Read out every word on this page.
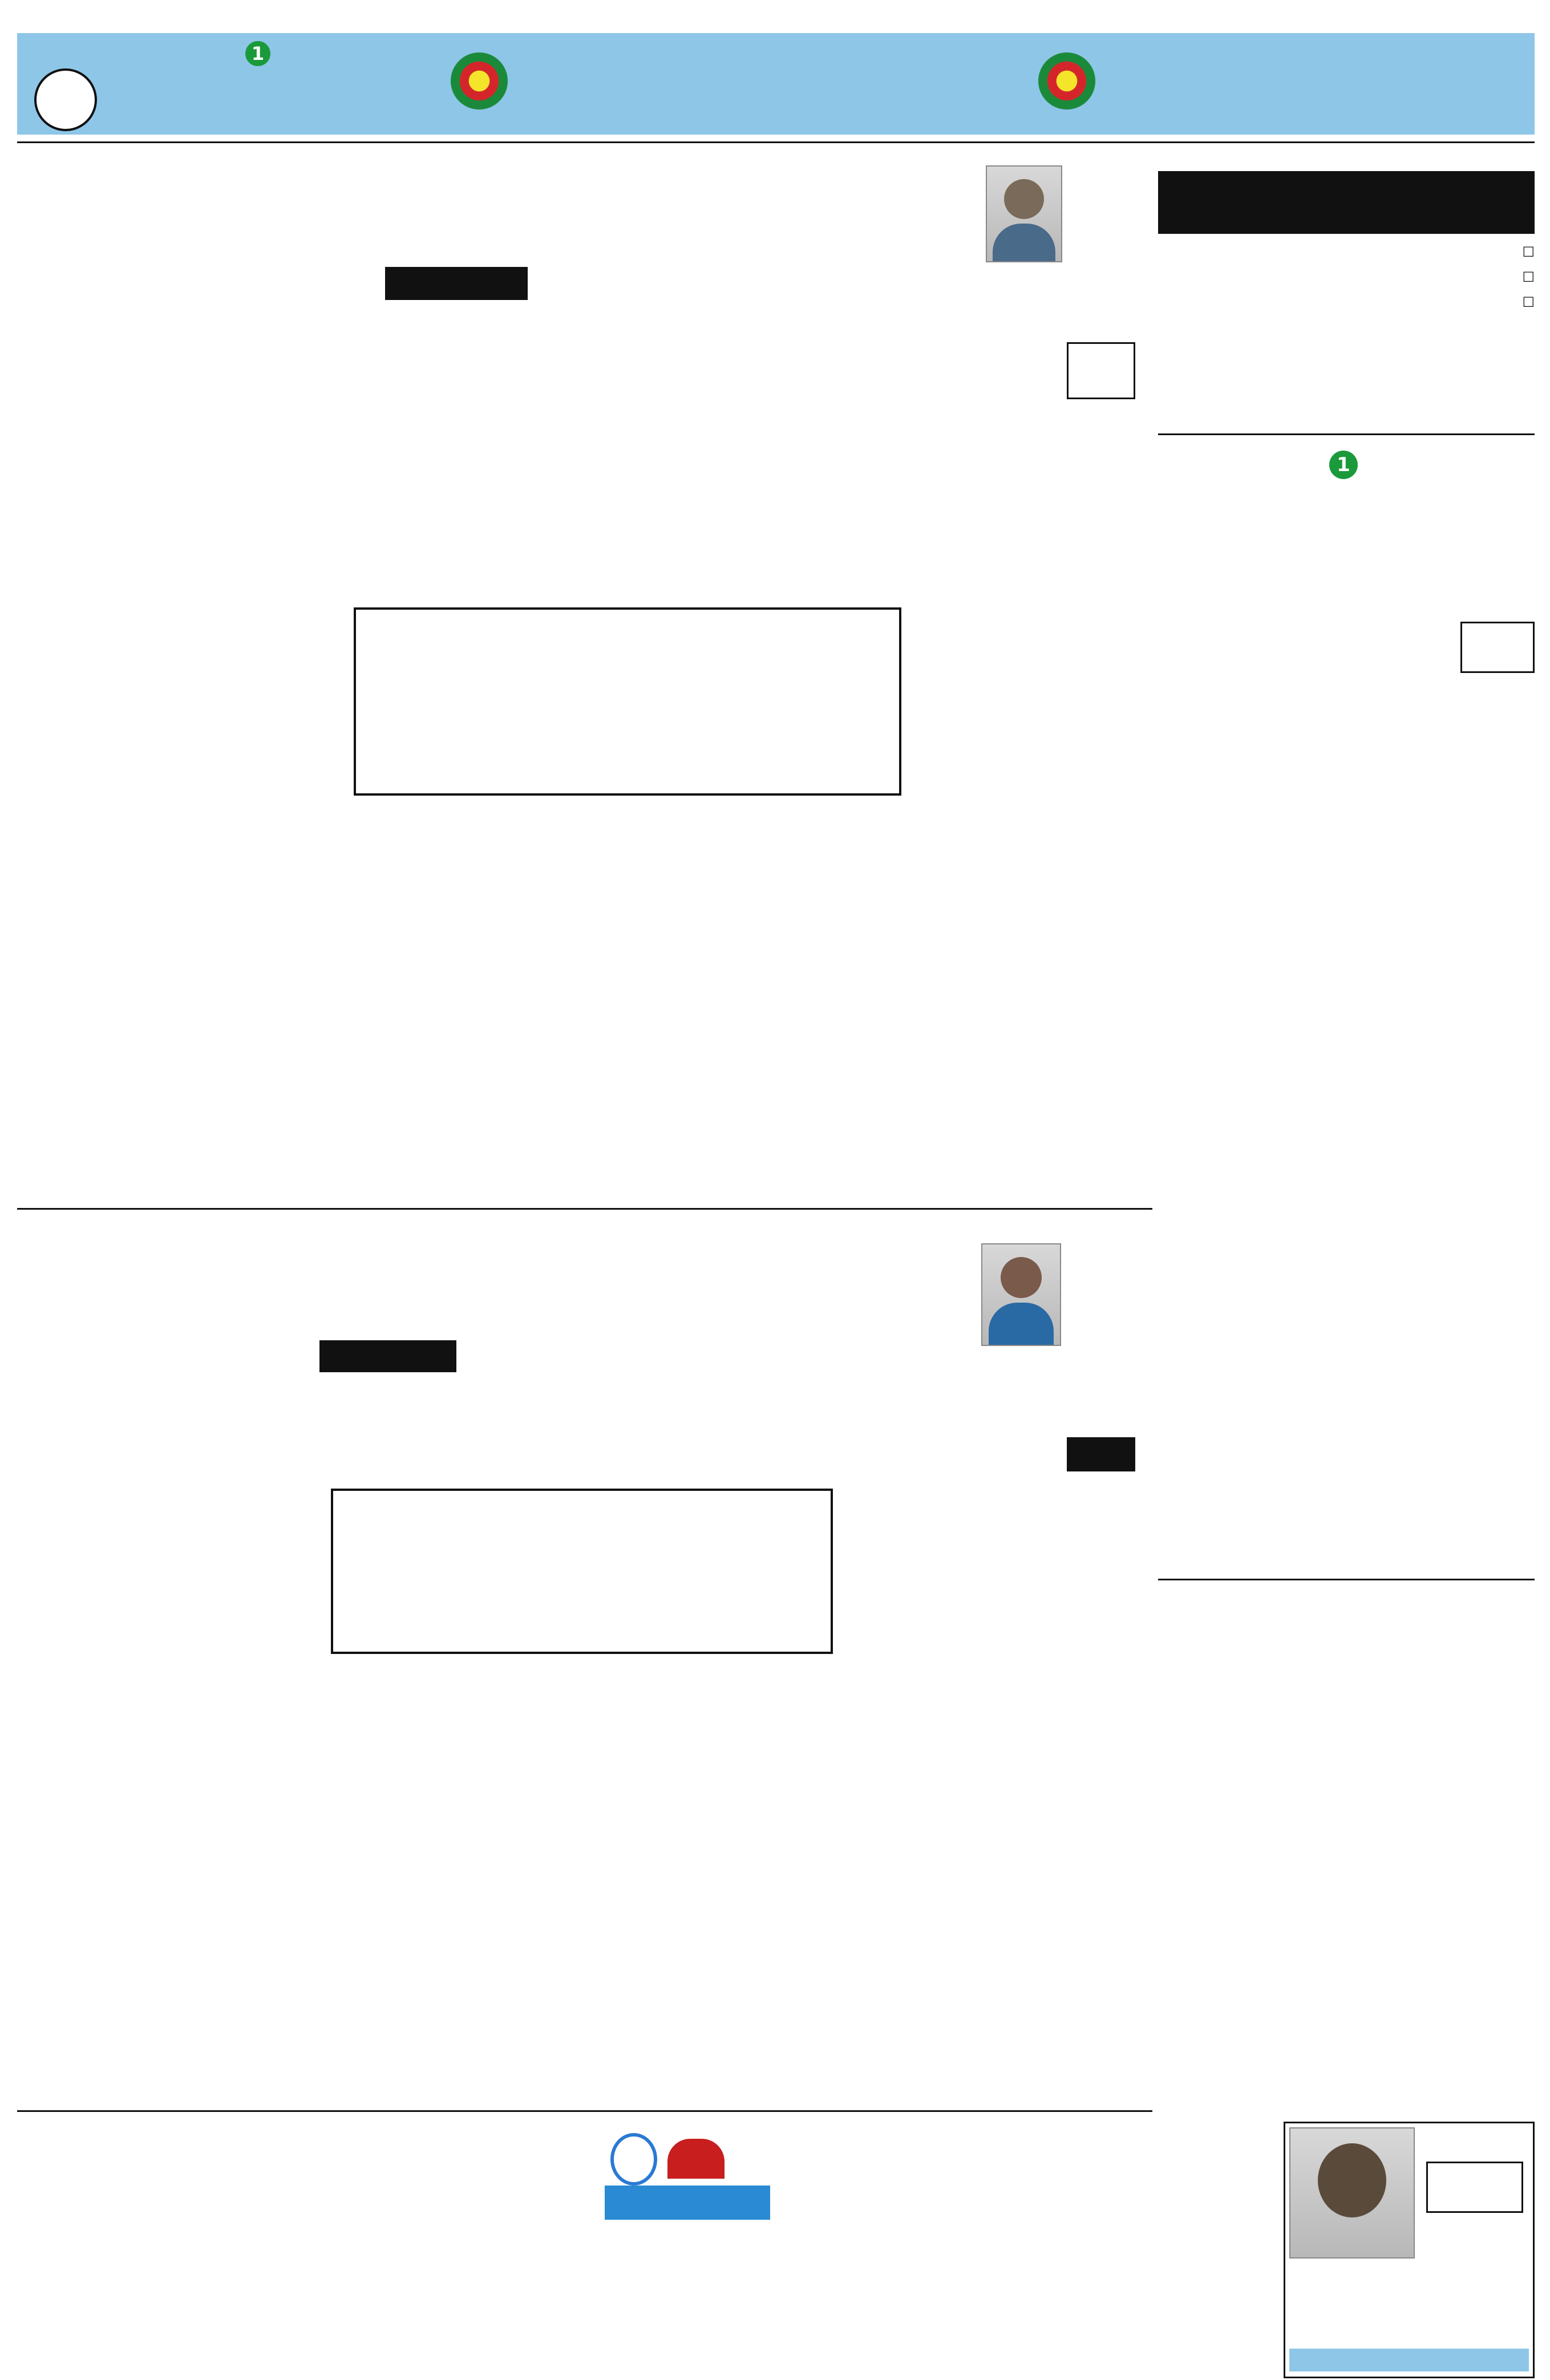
1
☐
☐
☐
1
